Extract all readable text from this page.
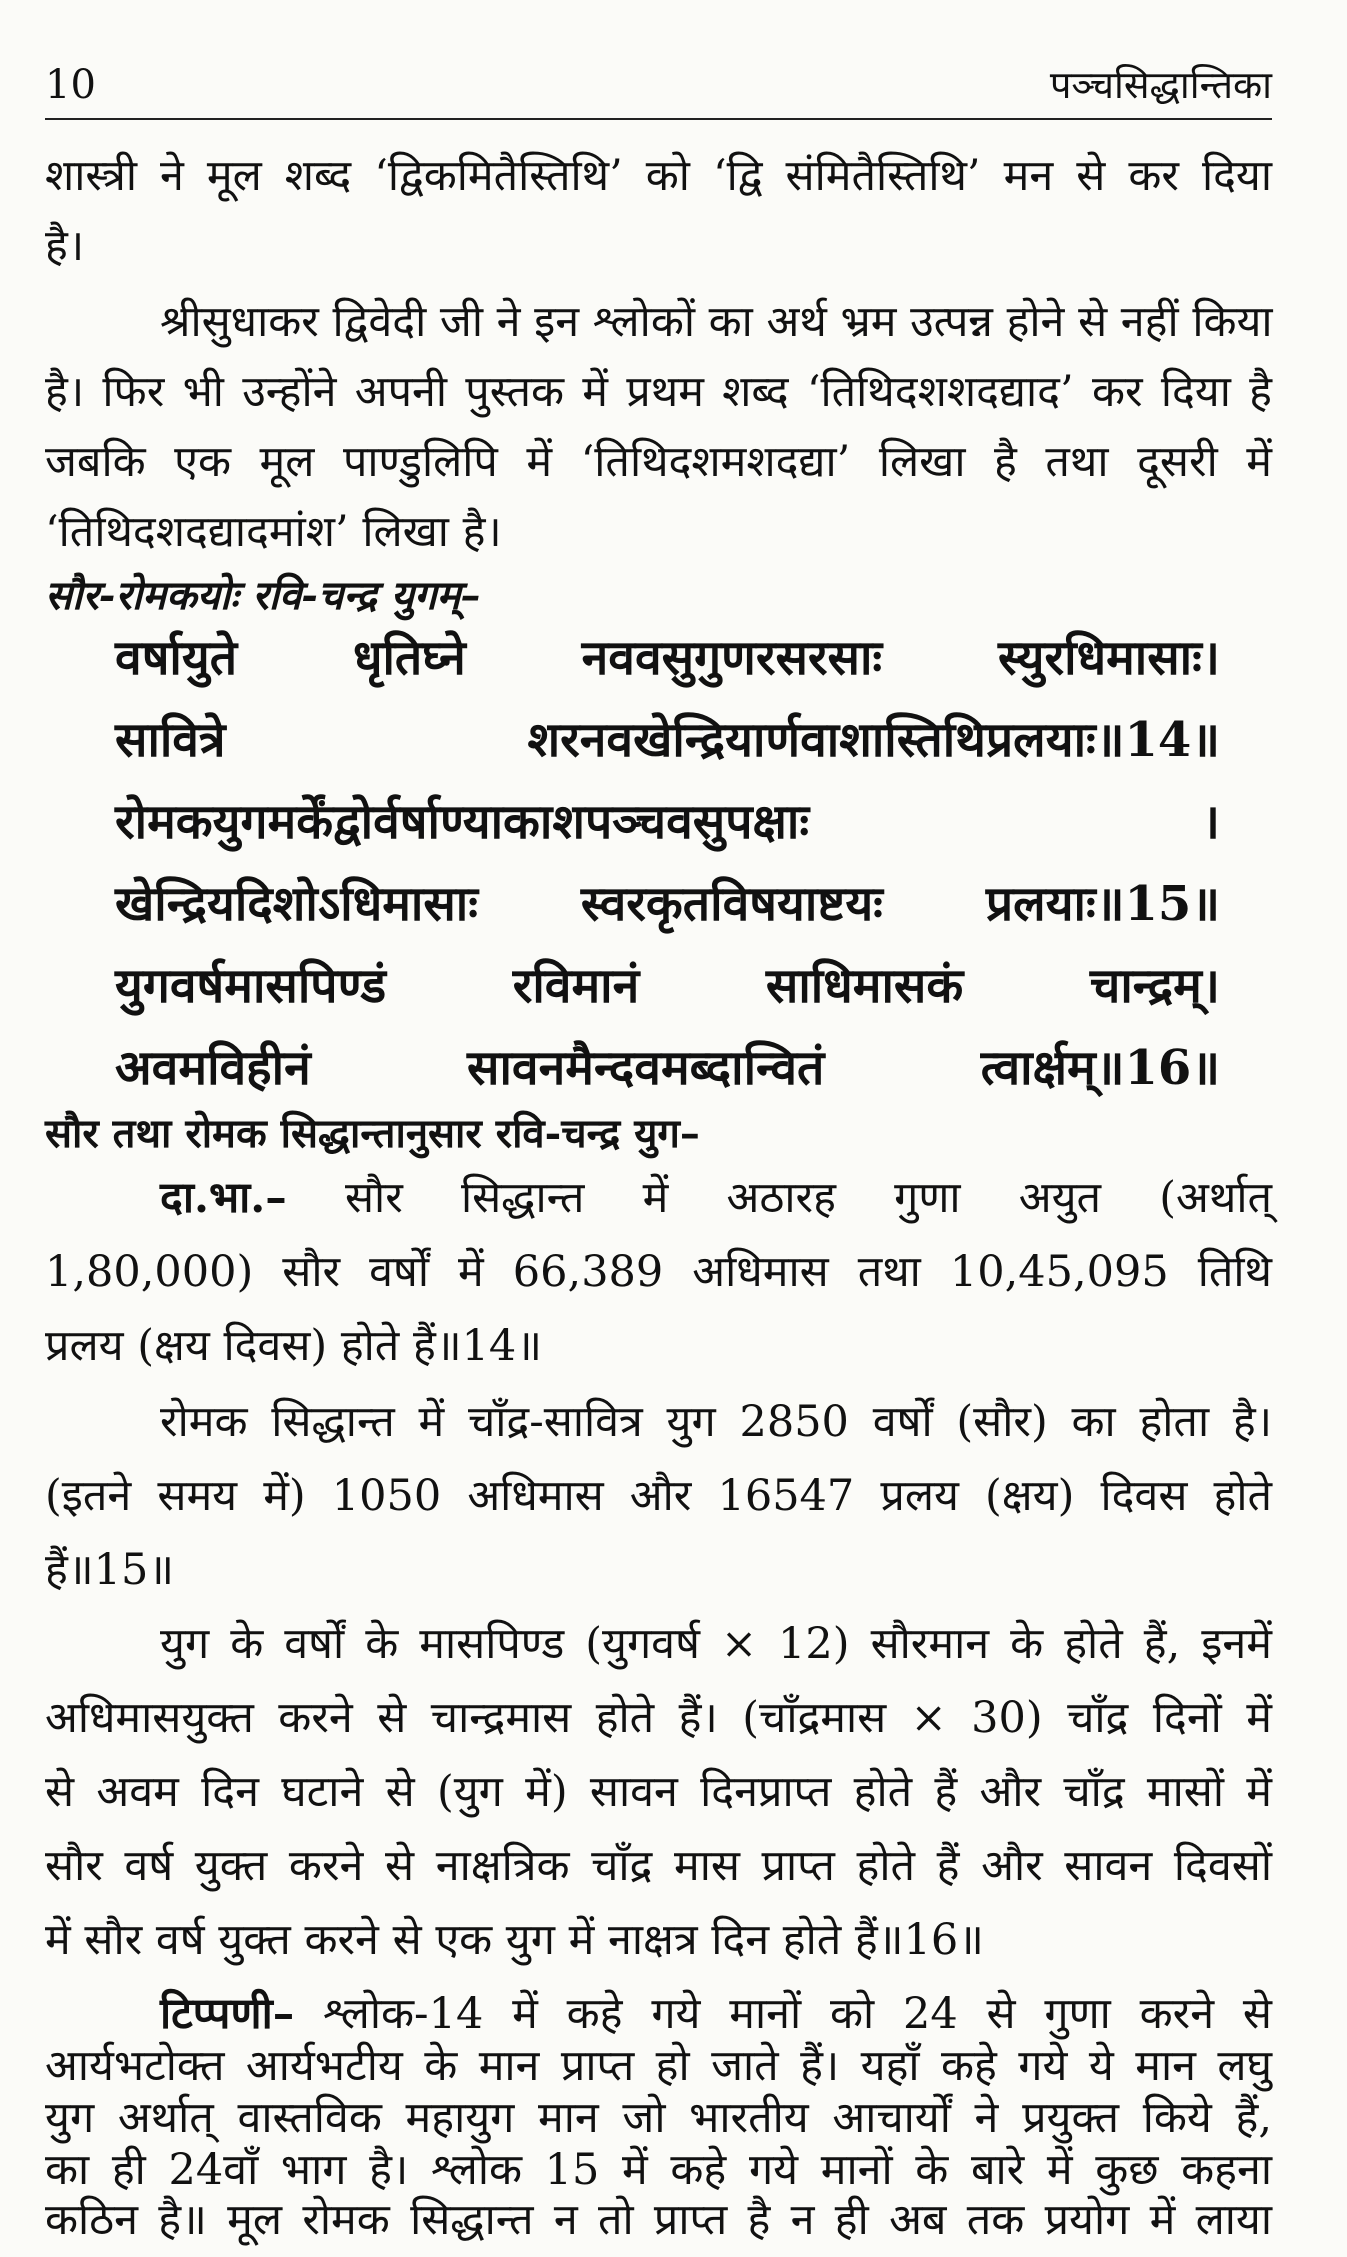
10	पञ्चसिद्धान्तिका
शास्त्री ने मूल शब्द ‘द्विकमितैस्तिथि’ को ‘द्वि संमितैस्तिथि’ मन से कर दिया
है।
श्रीसुधाकर द्विवेदी जी ने इन श्लोकों का अर्थ भ्रम उत्पन्न होने से नहीं किया
है। फिर भी उन्होंने अपनी पुस्तक में प्रथम शब्द ‘तिथिदशशदद्याद’ कर दिया है
जबकि एक मूल पाण्डुलिपि में ‘तिथिदशमशदद्या’ लिखा है तथा दूसरी में
‘तिथिदशदद्यादमांश’ लिखा है।
सौर-रोमकयोः रवि-चन्द्र युगम्–
वर्षायुते धृतिघ्ने नववसुगुणरसरसाः स्युरधिमासाः।
सावित्रे शरनवखेन्द्रियार्णवाशास्तिथिप्रलयाः॥14॥
रोमकयुगमर्केंद्वोर्वर्षाण्याकाशपञ्चवसुपक्षाः ।
खेन्द्रियदिशोऽधिमासाः स्वरकृतविषयाष्टयः प्रलयाः॥15॥
युगवर्षमासपिण्डं रविमानं साधिमासकं चान्द्रम्।
अवमविहीनं सावनमैन्दवमब्दान्वितं त्वार्क्षम्॥16॥
सौर तथा रोमक सिद्धान्तानुसार रवि-चन्द्र युग–
दा.भा.– सौर सिद्धान्त में अठारह गुणा अयुत (अर्थात्
1,80,000) सौर वर्षों में 66,389 अधिमास तथा 10,45,095 तिथि
प्रलय (क्षय दिवस) होते हैं॥14॥
रोमक सिद्धान्त में चाँद्र-सावित्र युग 2850 वर्षों (सौर) का होता है।
(इतने समय में) 1050 अधिमास और 16547 प्रलय (क्षय) दिवस होते
हैं॥15॥
युग के वर्षों के मासपिण्ड (युगवर्ष × 12) सौरमान के होते हैं, इनमें
अधिमासयुक्त करने से चान्द्रमास होते हैं। (चाँद्रमास × 30) चाँद्र दिनों में
से अवम दिन घटाने से (युग में) सावन दिनप्राप्त होते हैं और चाँद्र मासों में
सौर वर्ष युक्त करने से नाक्षत्रिक चाँद्र मास प्राप्त होते हैं और सावन दिवसों
में सौर वर्ष युक्त करने से एक युग में नाक्षत्र दिन होते हैं॥16॥
टिप्पणी– श्लोक-14 में कहे गये मानों को 24 से गुणा करने से
आर्यभटोक्त आर्यभटीय के मान प्राप्त हो जाते हैं। यहाँ कहे गये ये मान लघु
युग अर्थात् वास्तविक महायुग मान जो भारतीय आचार्यों ने प्रयुक्त किये हैं,
का ही 24वाँ भाग है। श्लोक 15 में कहे गये मानों के बारे में कुछ कहना
कठिन है॥ मूल रोमक सिद्धान्त न तो प्राप्त है न ही अब तक प्रयोग में लाया
